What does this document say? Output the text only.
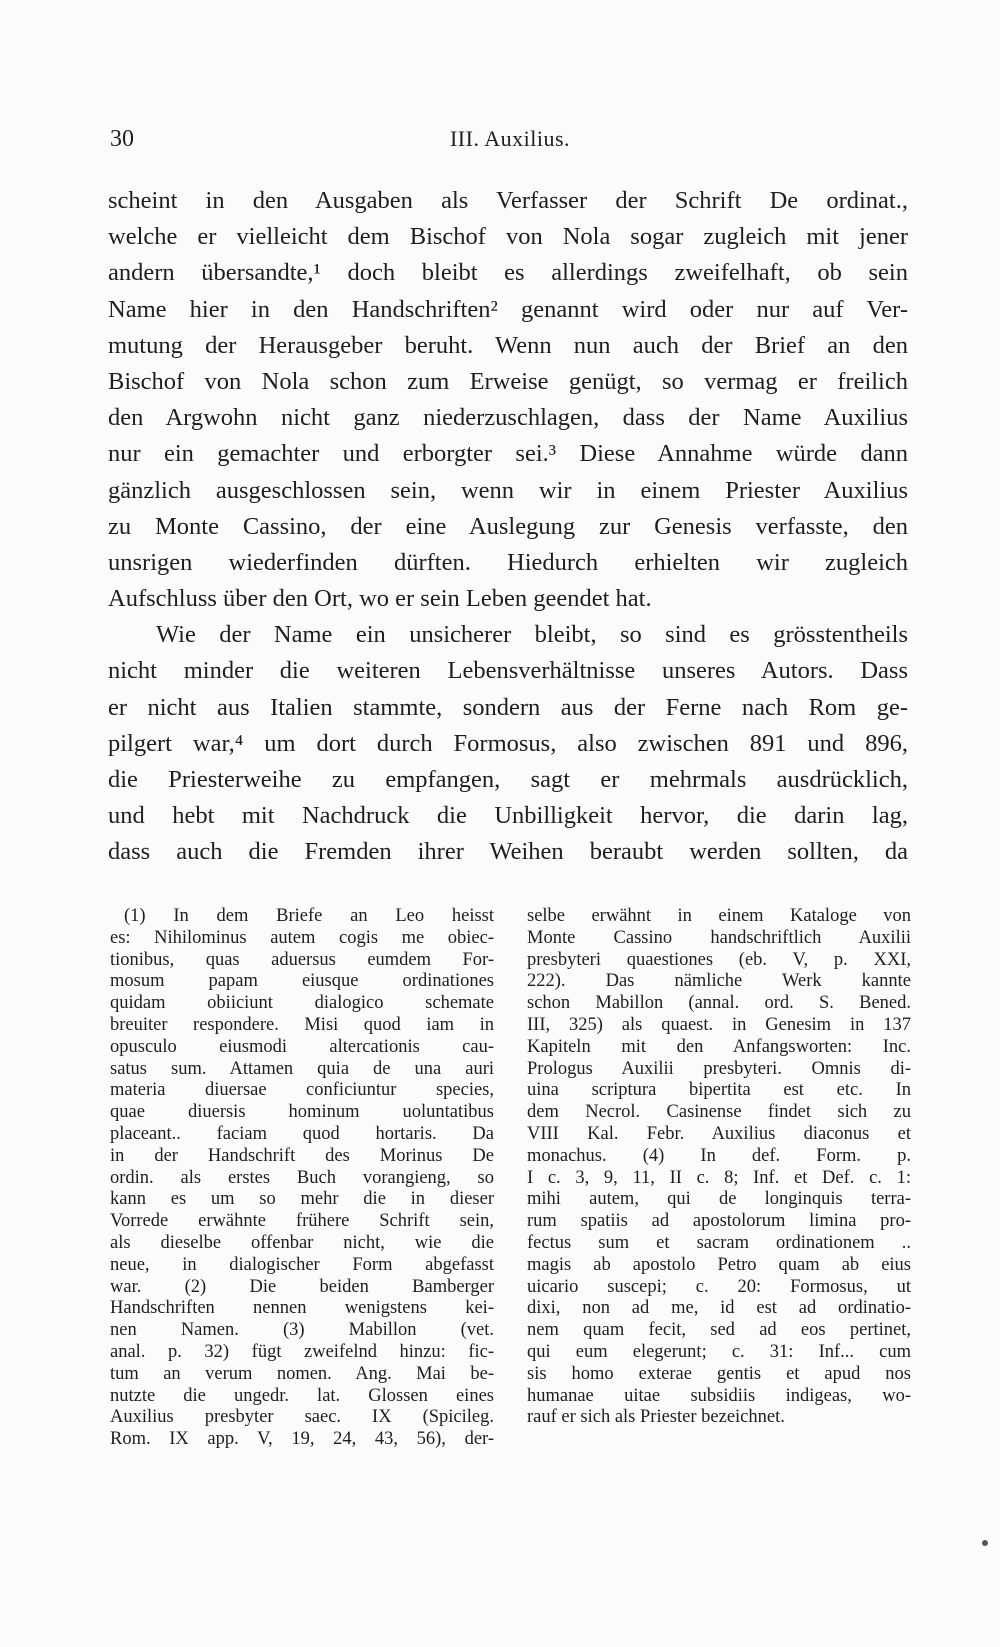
30	III. Auxilius.
scheint in den Ausgaben als Verfasser der Schrift De ordinat.,
welche er vielleicht dem Bischof von Nola sogar zugleich mit jener
andern übersandte,¹ doch bleibt es allerdings zweifelhaft, ob sein
Name hier in den Handschriften² genannt wird oder nur auf Ver-
mutung der Herausgeber beruht. Wenn nun auch der Brief an den
Bischof von Nola schon zum Erweise genügt, so vermag er freilich
den Argwohn nicht ganz niederzuschlagen, dass der Name Auxilius
nur ein gemachter und erborgter sei.³ Diese Annahme würde dann
gänzlich ausgeschlossen sein, wenn wir in einem Priester Auxilius
zu Monte Cassino, der eine Auslegung zur Genesis verfasste, den
unsrigen wiederfinden dürften. Hiedurch erhielten wir zugleich
Aufschluss über den Ort, wo er sein Leben geendet hat.
Wie der Name ein unsicherer bleibt, so sind es grösstentheils
nicht minder die weiteren Lebensverhältnisse unseres Autors. Dass
er nicht aus Italien stammte, sondern aus der Ferne nach Rom ge-
pilgert war,⁴ um dort durch Formosus, also zwischen 891 und 896,
die Priesterweihe zu empfangen, sagt er mehrmals ausdrücklich,
und hebt mit Nachdruck die Unbilligkeit hervor, die darin lag,
dass auch die Fremden ihrer Weihen beraubt werden sollten, da
(1) In dem Briefe an Leo heisst
es: Nihilominus autem cogis me obiec-
tionibus, quas aduersus eumdem For-
mosum papam eiusque ordinationes
quidam obiiciunt dialogico schemate
breuiter respondere. Misi quod iam in
opusculo eiusmodi altercationis cau-
satus sum. Attamen quia de una auri
materia diuersae conficiuntur species,
quae diuersis hominum uoluntatibus
placeant.. faciam quod hortaris. Da
in der Handschrift des Morinus De
ordin. als erstes Buch vorangieng, so
kann es um so mehr die in dieser
Vorrede erwähnte frühere Schrift sein,
als dieselbe offenbar nicht, wie die
neue, in dialogischer Form abgefasst
war. (2) Die beiden Bamberger
Handschriften nennen wenigstens kei-
nen Namen. (3) Mabillon (vet.
anal. p. 32) fügt zweifelnd hinzu: fic-
tum an verum nomen. Ang. Mai be-
nutzte die ungedr. lat. Glossen eines
Auxilius presbyter saec. IX (Spicileg.
Rom. IX app. V, 19, 24, 43, 56), der-
selbe erwähnt in einem Kataloge von
Monte Cassino handschriftlich Auxilii
presbyteri quaestiones (eb. V, p. XXI,
222). Das nämliche Werk kannte
schon Mabillon (annal. ord. S. Bened.
III, 325) als quaest. in Genesim in 137
Kapiteln mit den Anfangsworten: Inc.
Prologus Auxilii presbyteri. Omnis di-
uina scriptura bipertita est etc. In
dem Necrol. Casinense findet sich zu
VIII Kal. Febr. Auxilius diaconus et
monachus. (4) In def. Form. p.
I c. 3, 9, 11, II c. 8; Inf. et Def. c. 1:
mihi autem, qui de longinquis terra-
rum spatiis ad apostolorum limina pro-
fectus sum et sacram ordinationem ..
magis ab apostolo Petro quam ab eius
uicario suscepi; c. 20: Formosus, ut
dixi, non ad me, id est ad ordinatio-
nem quam fecit, sed ad eos pertinet,
qui eum elegerunt; c. 31: Inf... cum
sis homo exterae gentis et apud nos
humanae uitae subsidiis indigeas, wo-
rauf er sich als Priester bezeichnet.
